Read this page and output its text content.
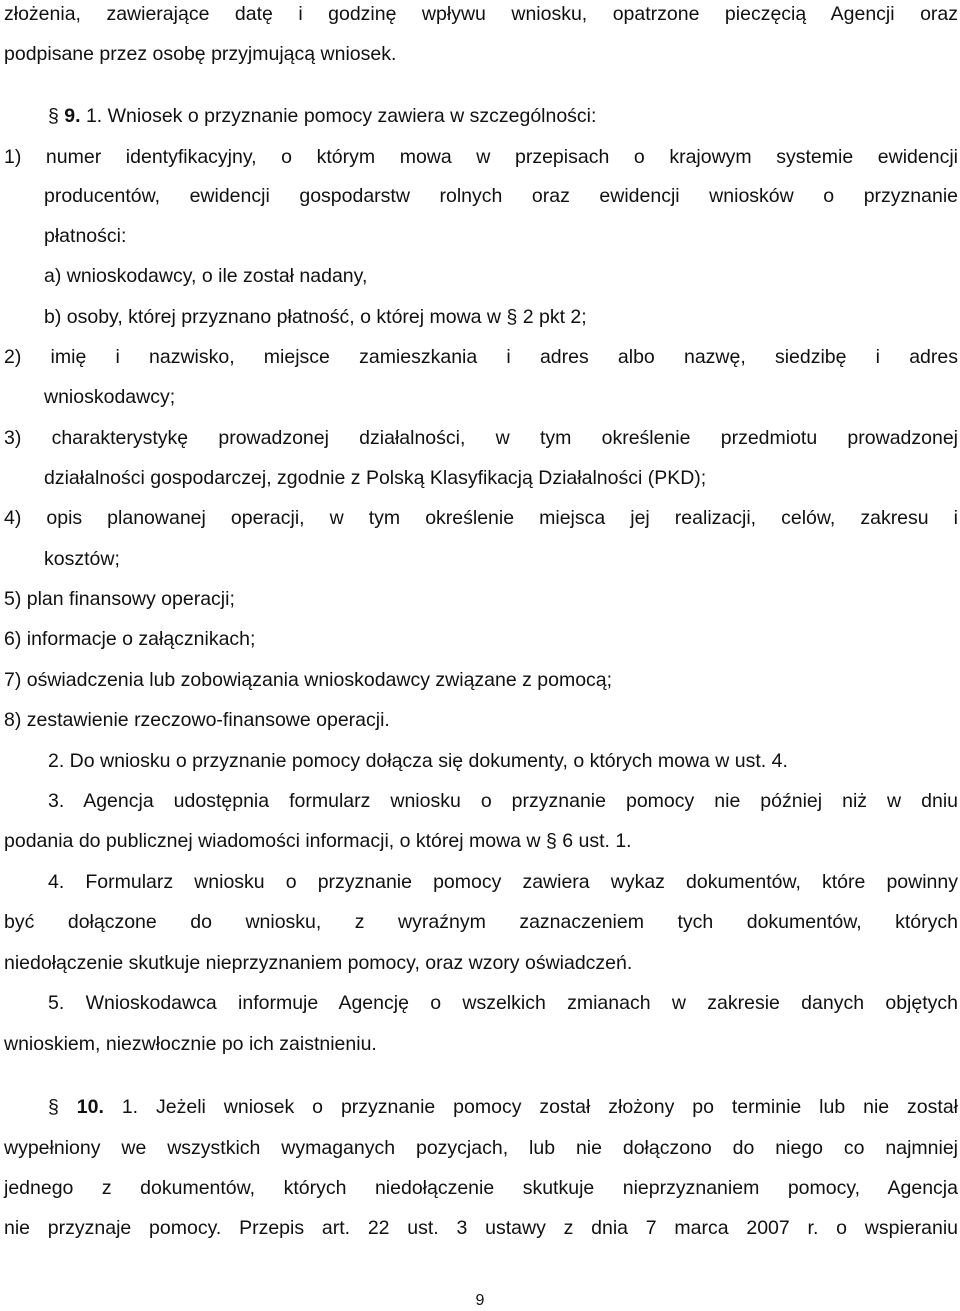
złożenia, zawierające datę i godzinę wpływu wniosku, opatrzone pieczęcią Agencji oraz
podpisane przez osobę przyjmującą wniosek.
§ 9. 1. Wniosek o przyznanie pomocy zawiera w szczególności:
1) numer identyfikacyjny, o którym mowa w przepisach o krajowym systemie ewidencji
producentów, ewidencji gospodarstw rolnych oraz ewidencji wniosków o przyznanie
płatności:
a) wnioskodawcy, o ile został nadany,
b) osoby, której przyznano płatność, o której mowa w § 2 pkt 2;
2) imię i nazwisko, miejsce zamieszkania i adres albo nazwę, siedzibę i adres
wnioskodawcy;
3) charakterystykę prowadzonej działalności, w tym określenie przedmiotu prowadzonej
działalności gospodarczej, zgodnie z Polską Klasyfikacją Działalności (PKD);
4) opis planowanej operacji, w tym określenie miejsca jej realizacji, celów, zakresu i
kosztów;
5) plan finansowy operacji;
6) informacje o załącznikach;
7) oświadczenia lub zobowiązania wnioskodawcy związane z pomocą;
8) zestawienie rzeczowo-finansowe operacji.
2. Do wniosku o przyznanie pomocy dołącza się dokumenty, o których mowa w ust. 4.
3. Agencja udostępnia formularz wniosku o przyznanie pomocy nie później niż w dniu
podania do publicznej wiadomości informacji, o której mowa w § 6 ust. 1.
4. Formularz wniosku o przyznanie pomocy zawiera wykaz dokumentów, które powinny
być dołączone do wniosku, z wyraźnym zaznaczeniem tych dokumentów, których
niedołączenie skutkuje nieprzyznaniem pomocy, oraz wzory oświadczeń.
5. Wnioskodawca informuje Agencję o wszelkich zmianach w zakresie danych objętych
wnioskiem, niezwłocznie po ich zaistnieniu.
§ 10. 1. Jeżeli wniosek o przyznanie pomocy został złożony po terminie lub nie został
wypełniony we wszystkich wymaganych pozycjach, lub nie dołączono do niego co najmniej
jednego z dokumentów, których niedołączenie skutkuje nieprzyznaniem pomocy, Agencja
nie przyznaje pomocy. Przepis art. 22 ust. 3 ustawy z dnia 7 marca 2007 r. o wspieraniu
9
